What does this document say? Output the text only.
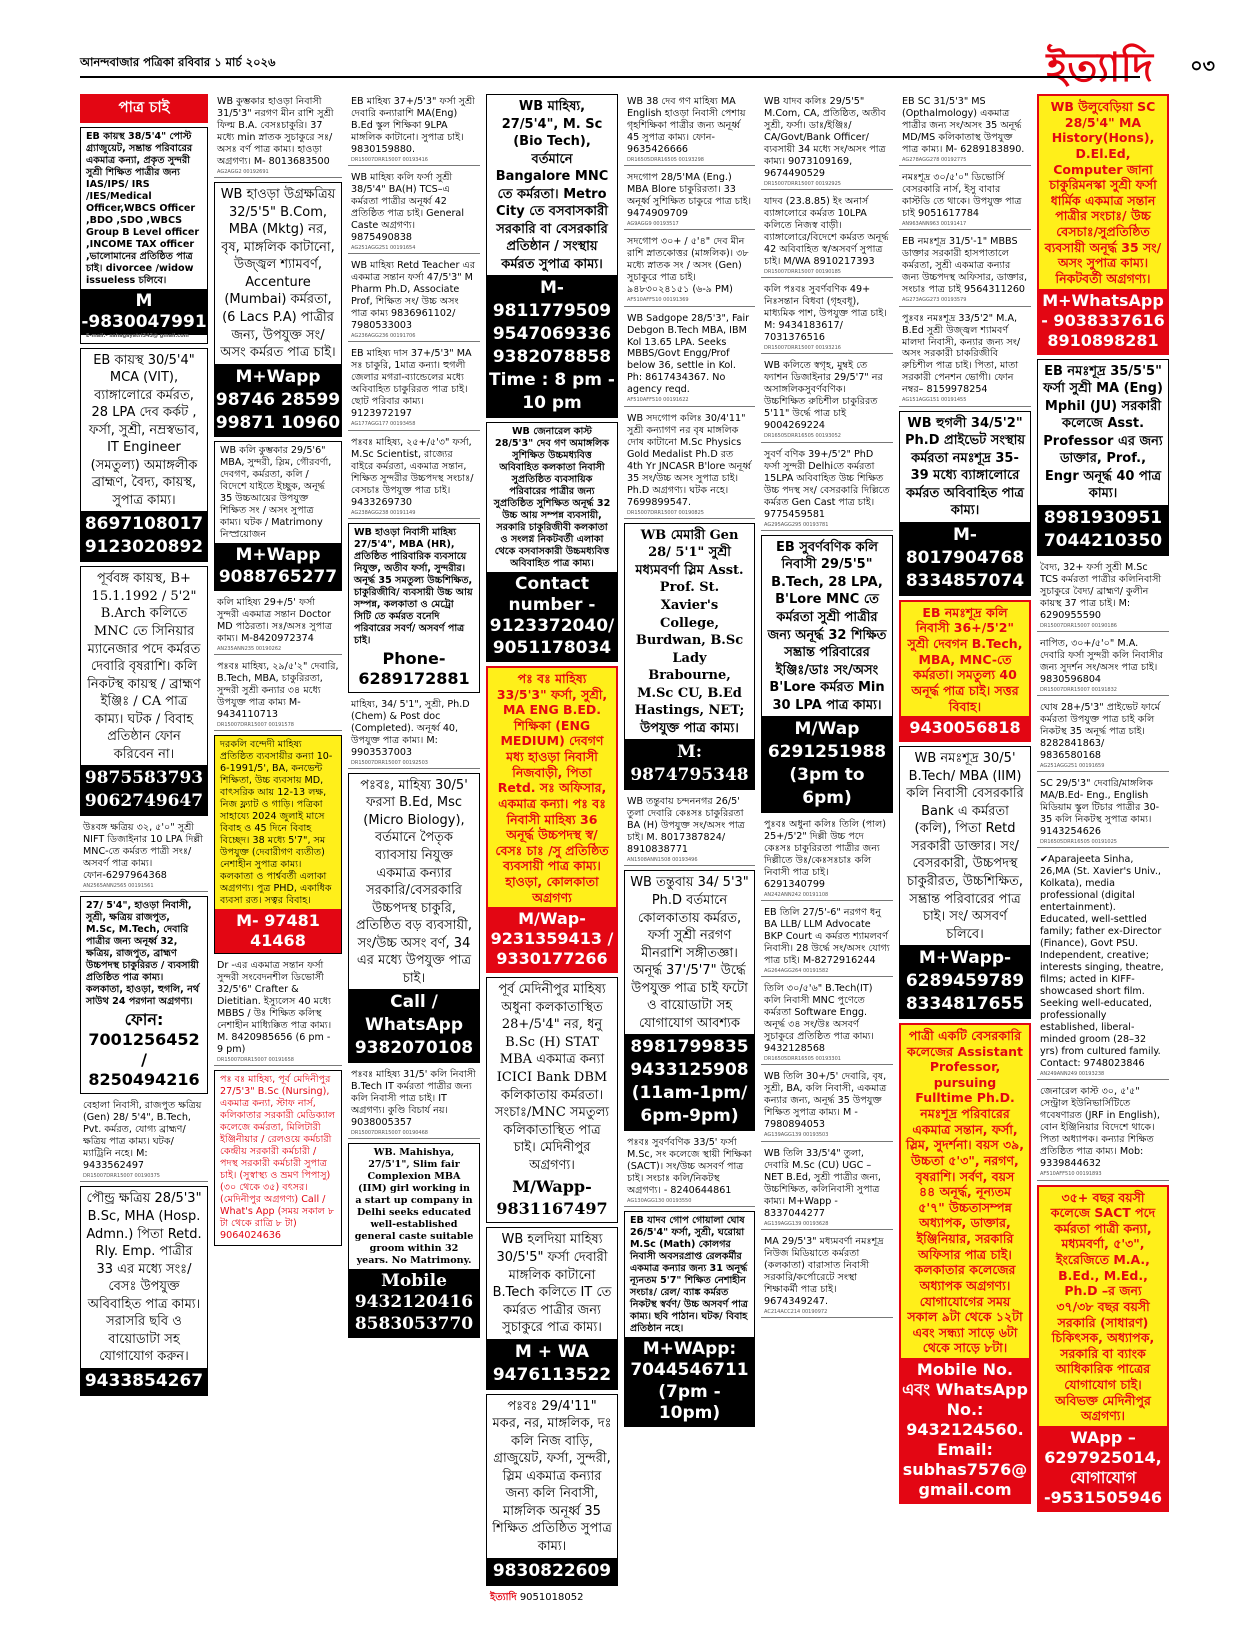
আনন্দবাজার পত্রিকা রবিবার ১ মার্চ ২০২৬	ইত্যাদি ০৩
পাত্র চাই
EB কায়স্থ 38/5'4" পোস্ট গ্র্যাজুয়েট, সম্ভ্রান্ত পরিবারের একমাত্র কন্যা, প্রকৃত সুন্দরী সুশ্রী শিক্ষিত পাত্রীর জন্য IAS/IPS/ IRS /IES/Medical Officer,WBCS Officer ,BDO ,SDO ,WBCS Group B Level officer ,INCOME TAX officer ,ভালোমানের প্রতিষ্ঠিত পাত্র চাই। divorcee /widow issueless চলিবে।
M -9830047991
E-mail:- sahagayatri343@ gmail.com
EB কায়স্থ 30/5'4" MCA (VIT), ব্যাঙ্গালোরে কর্মরত, 28 LPA দেব কর্কট , ফর্সা, সুশ্রী, নম্রস্বভাব, IT Engineer (সমতুল্য) অমাঙ্গলীক ব্রাহ্মণ, বৈদ্য, কায়স্থ, সুপাত্র কাম্য।
8697108017 9123020892
পূর্ববঙ্গ কায়স্থ, B+ 15.1.1992 / 5'2" B.Arch কলিতে MNC তে সিনিয়ার ম্যানেজার পদে কর্মরত দেবারি বৃষরাশি। কলি নিকটস্থ কায়স্থ / ব্রাহ্মণ ইঞ্জিঃ / CA পাত্র কাম্য। ঘটক / বিবাহ প্রতিষ্ঠান ফোন করিবেন না।
9875583793 9062749647
উঃবঙ্গ ক্ষত্রিয় ৩২, ৫'০" সুশ্রী NIFT ডিজাইনার 10 LPA দিল্লী MNC-তে কর্মরত পাত্রী সংঃ/অসবর্ণ পাত্র কাম্য। ফোন-6297964368
AN2565ANN2565 00191561
27/ 5'4", হাওড়া নিবাসী, সুশ্রী, ক্ষত্রিয় রাজপুত, M.Sc, M.Tech, দেবারি পাত্রীর জন্য অনূর্ধ্ব 32, ক্ষত্রিয়, রাজপুত, ব্রাহ্মণ উচ্চপদস্থ চাকুরিরত / ব্যবসায়ী প্রতিষ্ঠিত পাত্র কাম্য। কলকাতা, হাওড়া, হুগলি, নর্থ সাউথ 24 পরগনা অগ্রগণ্য।
ফোন: 7001256452 / 8250494216
বেহালা নিবাসী, রাজপুত ক্ষত্রিয় (Gen) 28/ 5'4", B.Tech, Pvt. কর্মরত, যোগ্য ব্রাহ্মণ/ক্ষত্রিয় পাত্র কাম্য। ঘটক/ ম্যাট্রিনি নহে। M: 9433562497
DR15007DRR15007 00190375
পৌন্ড্র ক্ষত্রিয় 28/5'3" B.Sc, MHA (Hosp. Admn.) পিতা Retd. Rly. Emp. পাত্রীর 33 এর মধ্যে সংঃ/বেসঃ উপযুক্ত অবিবাহিত পাত্র কাম্য। সরাসরি ছবি ও বায়োডাটা সহ যোগাযোগ করুন।
9433854267
WB কুম্ভকার হাওড়া নিবাসী 31/5'3" নরগণ মীন রাশি সুশ্রী ফিল্ম B.A. বেসঃচাকুরি। 37 মধ্যে min স্নাতক সুচাকুরে সঃ/অসঃ বর্ণ পাত্র কাম্য। হাওড়া অগ্রগণ্য। M- 8013683500
AG2AGG2 00192691
WB হাওড়া উগ্রক্ষত্রিয় 32/5'5" B.Com, MBA (Mktg) নর, বৃষ, মাঙ্গলিক কাটানো, উজ্জ্বল শ্যামবর্ণ, Accenture (Mumbai) কর্মরতা, (6 Lacs P.A) পাত্রীর জন্য, উপযুক্ত সং/ অসং কর্মরত পাত্র চাই।
M+Wapp 98746 28599 99871 10960
WB কলি কুম্ভকার 29/5'6" MBA, সুন্দরী, স্লিম, গৌরবর্ণা, দেবগণ, কর্মরতা, কলি / বিদেশে যাইতে ইচ্ছুক, অনূর্দ্ধ 35 উচ্চআয়ের উপযুক্ত শিক্ষিত সং / অসং সুপাত্র কাম্য। ঘটক / Matrimony নিস্প্রয়োজন
M+Wapp 9088765277
কলি মাহিষ্য 29+/5' ফর্সা সুন্দরী একমাত্র সন্তান Doctor MD পাঠরতা। সঃ/অসঃ সুপাত্র কাম্য। M-8420972374
AN235ANN235 00190262
পঃবঃ মাহিষ্য, ২৯/৫'২" দেবারি, B.Tech, MBA, চাকুরিরতা, সুন্দরী সুশ্রী কন্যার ৩৪ মধ্যে উপযুক্ত পাত্র কাম্য M- 9434110713
DR15007DRR15007 00191578
দরকলি বন্দেদী মাহিষ্য প্রতিষ্ঠিত ব্যবসায়ীর কন্যা 10-6-1991/5', BA, কনভেন্ট শিক্ষিতা, উচ্চ ব্যবসায় MD, বাৎসরিক আয় 12-13 লক্ষ, নিজ ফ্ল্যাট ও গাড়ি। পত্রিকা সাহায্যে 2024 জুলাই মাসে বিবাহ ও 45 দিনে বিবাহ বিচ্ছেদ। 38 মধ্যে 5'7", সম উপযুক্ত (দেবারীগণ ব্যতীত) নেশাহীন সুপাত্র কাম্য। কলকাতা ও পার্শ্ববর্তী এলাকা অগ্রগণ্য। পুত্র PHD, একাধিক ব্যবসা রত। সত্বর বিবাহ।
M- 97481 41468
Dr -এর একমাত্র সন্তান ফর্সা সুন্দরী সংবেদনশীল ডিভোর্সী 32/5'6" Crafter & Dietitian. ইস্যুলেস 40 মধ্যে MBBS / উঃ শিক্ষিত কলিস্থ নেশাহীন মাধ্যিক্কিত পাত্র কাম্য। M. 8420985656 (6 pm - 9 pm)
DR15007DRR15007 00191658
পঃ বঃ মাহিষ্য, পূর্ব মেদিনীপুর 27/5'3" B.Sc (Nursing), একমাত্র কন্যা, স্টাফ নার্স, কলিকাতার সরকারী মেডিক্যাল কলেজে কর্মরতা, মিলিটারী ইঞ্জিনীয়ার / রেলওয়ে কর্মচারী কেন্দ্রীয় সরকারী কর্মচারী / পদস্থ সরকারী কর্মচারী সুপাত্র চাই। (সুস্বাস্থ্য ও ভ্রমণ পিপাসু) (৩০ থেকে ৩৫) বৎসর। (মেদিনীপুর অগ্রগণ্য) Call / What's App (সময় সকাল ৮ টা থেকে রাত্রি ৮ টা) 9064024636
EB মাহিষ্য 37+/5'3" ফর্সা সুশ্রী দেবারি কন্যারাশি MA(Eng) B.Ed স্কুল শিক্ষিকা 9LPA মাঙ্গলিক কাটানো। সুপাত্র চাই। 9830159880.
DR15007DRR15007 00193416
WB মাহিষ্য কলি ফর্সা সুশ্রী 38/5'4" BA(H) TCS–এ কর্মরতা পাত্রীর অনূর্ধ্ব 42 প্রতিষ্ঠিত পাত্র চাই। General Caste অগ্রগণ্য। 9875490838
AG251AGG251 00191654
WB মাহিষ্য Retd Teacher এর একমাত্র সন্তান ফর্সা 47/5'3" M Pharm Ph.D, Associate Prof, শিক্ষিত সং/ উচ্চ অসং পাত্র কাম্য 9836961102/ 7980533003
AG236AGG236 00191706
EB মাহিষ্য দাস 37+/5'3" MA সঃ চাকুরি, 1মাত্র কন্যা। হুগলী জেলার মগরা-ব্যান্ডেলের মধ্যে অবিবাহিত চাকুরিরত পাত্র চাই। ছোট পরিবার কাম্য। 9123972197
AG177AGG177 00193458
পঃবঃ মাহিষ্য, ২৫+/৫'৩" ফর্সা, M.Sc Scientist, রাজ্যের বাইরে কর্মরতা, একমাত্র সন্তান, শিক্ষিত সুন্দরীর উচ্চপদস্থ সংচাঃ/বেসচাঃ উপযুক্ত পাত্র চাই। 9433269730
AG238AGG238 00191149
WB হাওড়া নিবাসী মাহিষ্য 27/5'4", MBA (HR), প্রতিষ্ঠিত পারিবারিক ব্যবসায়ে নিযুক্ত, অতীব ফর্সা, সুন্দরীর। অনূর্দ্ধ 35 সমতুল্য উচ্চশিক্ষিত, চাকুরিজীবি/ ব্যবসায়ী উচ্চ আয় সম্পন্ন, কলকাতা ও মেট্রো সিটি তে কর্মরত বনেদি পরিবারের সবর্ণ/ অসবর্ণ পাত্র চাই।
Phone- 6289172881
মাহিষ্য, 34/ 5'1", সুশ্রী, Ph.D (Chem) & Post doc (Completed). অনূর্ধ্ব 40, উপযুক্ত পাত্র কাম্য। M: 9903537003
DR15007DRR15007 00192503
পঃবঃ, মাহিষ্য 30/5' ফরসা B.Ed, Msc (Micro Biology), বর্তমানে পৈতৃক ব্যাবসায় নিযুক্ত একমাত্র কন্যার সরকারি/বেসরকারি উচ্চপদস্থ চাকুরি, প্রতিষ্ঠিত বড় ব্যবসায়ী, সং/উচ্চ অসং বর্ণ, 34 এর মধ্যে উপযুক্ত পাত্র চাই।
Call / WhatsApp 9382070108
পঃবঃ মাহিষ্য 31/5' কলি নিবাসী B.Tech IT কর্মরতা পাত্রীর জন্য কলি নিবাসী পাত্র চাই। IT অগ্রগণ্য। কুণ্ডি বিচার্য নয়। 9038005357
DR15007DRR15007 00190468
WB. Mahishya, 27/5'1", Slim fair Complexion MBA (IIM) girl working in a start up company in Delhi seeks educated well-established general caste suitable groom within 32 years. No Matrimony.
Mobile 9432120416 8583053770
WB মাহিষ্য, 27/5'4", M. Sc (Bio Tech), বর্তমানে Bangalore MNC তে কর্মরতা। Metro City তে বসবাসকারী সরকারি বা বেসরকারি প্রতিষ্ঠান / সংস্থায় কর্মরত সুপাত্র কাম্য।
M- 9811779509 9547069336 9382078858 Time : 8 pm - 10 pm
WB জেনারেল কাস্ট 28/5'3" দেব গণ অমাঙ্গলিক সুশিক্ষিত উচ্চমধ্যবিত্ত অবিবাহিত কলকাতা নিবাসী সুপ্রতিষ্ঠিত ব্যবসায়িক পরিবারের পাত্রীর জন্য সুপ্রতিষ্ঠিত সুশিক্ষিত অনূর্দ্ধ 32 উচ্চ আয় সম্পন্ন ব্যবসায়ী, সরকারি চাকুরিজীবী কলকাতা ও সংলগ্ন নিকটবর্তী এলাকা থেকে বসবাসকারী উচ্চমধ্যবিত্ত অবিবাহিত পাত্র কাম্য।
Contact number - 9123372040/ 9051178034
পঃ বঃ মাহিষ্য 33/5'3" ফর্সা, সুশ্রী, MA ENG B.ED. শিক্ষিকা (ENG MEDIUM) দেবগণ মধ্য হাওড়া নিবাসী নিজবাড়ী, পিতা Retd. সঃ অফিসার, একমাত্র কন্যা। পঃ বঃ নিবাসী মাহিষ্য 36 অনূর্দ্ধ উচ্চপদস্থ স্ব/বেসঃ চাঃ /সু প্রতিষ্ঠিত ব্যবসায়ী পাত্র কাম্য। হাওড়া, কোলকাতা অগ্রগণ্য
M/Wap- 9231359413 / 9330177266
পূর্ব মেদিনীপুর মাহিষ্য অধুনা কলকাতাস্থিত 28+/5'4" নর, ধনু B.Sc (H) STAT MBA একমাত্র কন্যা ICICI Bank DBM কলিকাতায় কর্মরতা। সংচাঃ/MNC সমতুল্য কলিকাতাস্থিত পাত্র চাই। মেদিনীপুর অগ্রগণ্য।
M/Wapp- 9831167497
WB হলদিয়া মাহিষ্য 30/5'5" ফর্সা দেবারী মাঙ্গলিক কাটানো B.Tech কলিতে IT তে কর্মরত পাত্রীর জন্য সুচাকুরে পাত্র কাম্য।
M + WA 9476113522
পঃবঃ 29/4'11" মকর, নর, মাঙ্গলিক, দঃ কলি নিজ বাড়ি, গ্রাজুয়েট, ফর্সা, সুন্দরী, স্লিম একমাত্র কন্যার জন্য কলি নিবাসী, মাঙ্গলিক অনূর্ধ্ব 35 শিক্ষিত প্রতিষ্ঠিত সুপাত্র কাম্য।
9830822609
WB 38 দেব গণ মাহিষ্য MA English হাওড়া নিবাসী পেশায় গৃহশিক্ষিকা পাত্রীর জন্য অনূর্ধ্ব 45 সুপাত্র কাম্য। ফোন- 9635426666
DR16505DRR16505 00193298
সদগোপ 28/5'MA (Eng.) MBA Blore চাকুরিরতা। 33 অনূর্ধ্ব সুশিক্ষিত চাকুরে পাত্র চাই। 9474909709
AG9AGG9 00193517
সদগোপ ৩০+ / ৫'৪" দেব মীন রাশি স্নাতকোত্তর (মাঙ্গলিক)। ৩৮ মধ্যে স্নাতক সং / অসং (Gen) সুচাকুরে পাত্র চাই। ৯৪৮৩০২৪১৫১ (৬-৯ PM)
AF510AFF510 00191369
WB Sadgope 28/5'3", Fair Debgon B.Tech MBA, IBM Kol 13.65 LPA. Seeks MBBS/Govt Engg/Prof below 36, settle in Kol. Ph: 8617434367. No agency reqd.
AF510AFF510 00191622
WB সদগোপ কলিঃ 30/4'11" সুশ্রী কন্যাগণ নর বৃষ মাঙ্গলিক দোষ কাটানো M.Sc Physics Gold Medalist Ph.D রত 4th Yr JNCASR B'lore অনূর্ধ্ব 35 সং/উচ্চ অসং সুপাত্র চাই। Ph.D অগ্রগণ্য। ঘটক নহে। 7699899547.
DR15007DRR15007 00190825
WB মেমারী Gen 28/ 5'1" সুশ্রী মধ্যমবর্ণা স্লিম Asst. Prof. St. Xavier's College, Burdwan, B.Sc Lady Brabourne, M.Sc CU, B.Ed Hastings, NET; উপযুক্ত পাত্র কাম্য।
M: 9874795348
WB তন্তুবায় চন্দননগর 26/5' তুলা দেবারি কেঃসঃ চাকুরিরতা BA (H) উপযুক্ত সং/অসং পাত্র চাই। M. 8017387824/ 8910838771
AN1508ANN1508 00193496
WB তন্তুবায় 34/ 5'3" Ph.D বর্তমানে কোলকাতায় কর্মরত, ফর্সা সুশ্রী নরগণ মীনরাশি সঙ্গীতজ্ঞা। অনূর্দ্ধ 37'/5'7" উর্দ্ধে উপযুক্ত পাত্র চাই ফটো ও বায়োডাটা সহ যোগাযোগ আবশ্যক
8981799835 9433125908 (11am-1pm/ 6pm-9pm)
পঃবঃ সুবর্ণবণিক 33/5' ফর্সা M.Sc, সং কলেজে স্থায়ী শিক্ষিকা (SACT)। সং/উচ্চ অসবর্ণ পাত্র চাই। সংচাঃ কলি/নিকটস্থ অগ্রগণ্য। - 8240644861
AG130AGG130 00193550
EB যাদব গোপ গোয়ালা ঘোষ 26/5'4" ফর্সা, সুশ্রী, ঘরোয়া M.Sc (Math) কোলগর নিবাসী অবসরপ্রাপ্ত রেলকর্মীর একমাত্র কন্যার জন্য 31 অনূর্দ্ধ ন্যূনতম 5'7" শিক্ষিত নেশাহীন সংচাঃ/ রেল/ ব্যাঙ্ক কর্মরত নিকটস্থ স্বর্বণ/ উচ্চ অসবর্ণ পাত্র কাম্য। ছবি পাঠান। ঘটক/ বিবাহ প্রতিষ্ঠান নহে।
M+WApp: 7044546711 (7pm - 10pm)
WB যাদব কলিঃ 29/5'5" M.Com, CA, প্রতিষ্ঠিত, অতীব সুশ্রী, ফর্সা। ডাঃ/ইঞ্জিঃ/ CA/Govt/Bank Officer/ব্যবসায়ী 34 মধ্যে সং/অসং পাত্র কাম্য। 9073109169, 9674490529
DR15007DRR15007 00192925
যাদব (23.8.85) ইং অনার্স ব্যাঙ্গালোরে কর্মরত 10LPA কলিতে নিজস্ব বাড়ী। ব্যাঙ্গালোরে/বিদেশে কর্মরত অনূর্দ্ধ 42 অবিবাহিত স্ব/অসবর্ণ সুপাত্র চাই। M/WA 8910217393
DR15007DRR15007 00190185
কলি পঃবঃ সুবর্ণবণিক 49+ নিঃসন্তান বিধবা (গৃহবধূ), মাধ্যমিক পাশ, উপযুক্ত পাত্র চাই। M: 9434183617/ 7031376516
DR15007DRR15007 00193216
WB কলিতে স্বগৃহ, মুম্বই তে ফ্যাশন ডিজাইনার 29/5'7" নর অসাঙ্গলিকসুবর্ণবণিক। উচ্চশিক্ষিত রুচিশীল চাকুরিরত 5'11" উর্দ্ধে পাত্র চাই 9004269224
DR16505DRR16505 00193052
সুবর্ণ বণিক 39+/5'2" PhD ফর্সা সুন্দরী Delhiতে কর্মরতা 15LPA অবিবাহিত উচ্চ শিক্ষিত উচ্চ পদস্থ সং/ বেসরকারি দিল্লিতে কর্মরত Gen Cast পাত্র চাই। 9775459581
AG295AGG295 00193781
EB সুবর্ণবণিক কলি নিবাসী 29/5'5" B.Tech, 28 LPA, B'Lore MNC তে কর্মরতা সুশ্রী পাত্রীর জন্য অনূর্দ্ধ 32 শিক্ষিত সম্ভ্রান্ত পরিবারের ইঞ্জিঃ/ডাঃ সং/অসং B'Lore কর্মরত Min 30 LPA পাত্র কাম্য।
M/Wap 6291251988 (3pm to 6pm)
পুঃবঃ অধুনা কলিঃ তিলি (পাল) 25+/5'2" দিল্লী উচ্চ পদে কেঃসঃ চাকুরিরতা পাত্রীর জন্য দিল্লীতে উঃ/কেঃসঃচাঃ কলি নিবাসী পাত্র চাই। 6291340799
AN242ANN242 00191108
EB তিলি 27/5'-6" নরগণ ধনু BA LLB/ LLM Advocate BKP Court এ কর্মরত শ্যামলবর্ণ নিবাসী। 28 উর্দ্ধে সং/অসং যোগ্য পাত্র চাই। M-8272916244
AG264AGG264 00191582
তিলি ৩০/৫'৬" B.Tech(IT) কলি নিবাসী MNC পুণেতে কর্মরতা Software Engg. অনূর্দ্ধ ৩৪ সং/উঃ অসবর্ণ সুচাকুরে প্রতিষ্ঠিত পাত্র কাম্য। 9432128568
DR16505DRR16505 00193301
WB তিলি 30+/5' দেবারি, বৃষ, সুশ্রী, BA, কলি নিবাসী, একমাত্র কন্যার জন্য, অনূর্দ্ধ 35 উপযুক্ত শিক্ষিত সুপাত্র কাম্য। M - 7980894053
AG139AGG139 00193503
WB তিলি 33/5'4" তুলা, দেবারি M.Sc (CU) UGC – NET B.Ed, সুশ্রী পাত্রীর জন্য, উচ্চশিক্ষিত, কলিনিবাসী সুপাত্র কাম্য। M+Wapp - 8337044277
AG139AGG139 00193628
MA 29/5'3" মধ্যমবর্ণা নমঃশূদ্র নিউজ মিডিয়াতে কর্মরতা (কলকাতা) বারাসাত নিবাসী সরকারি/কর্পোরেটে সংস্থা শিক্ষাকর্মী পাত্র চাই। 9674349247.
AC214ACC214 00190972
EB SC 31/5'3" MS (Opthalmology) একমাত্র পাত্রীর জন্য সং/অসং 35 অনূর্দ্ধ MD/MS কলিকাতাস্থ উপযুক্ত পাত্র কাম্য। M- 6289183890.
AG278AGG278 00192775
নমঃশূদ্র ৩০/৫'০" ডিভোর্সি বেসরকারি নার্স, ইসু বাবার কাস্টডি তে থাকে। উপযুক্ত পাত্র চাই 9051617784
AN963ANN963 00191417
EB নমঃশূদ্র 31/5'-1" MBBS ডাক্তার সরকারী হাসপাতালে কর্মরতা, সুশ্রী একমাত্র কন্যার জন্য উচ্চপদস্থ অফিসার, ডাক্তার, সংচাঃ পাত্র চাই 9564311260
AG273AGG273 00193579
পুঃবঃ নমঃশূদ্র 33/5'2" M.A, B.Ed সুশ্রী উজ্জ্বল শ্যামবর্ণ মালদা নিবাসী, কন্যার জন্য সং/অসং সরকারী চাকরিজীবি রুচিশীল পাত্র চাই। পিতা, মাতা সরকারী পেনশন ভোগী। ফোন নম্বর– 8159978254
AG151AGG151 00191455
WB হুগলী 34/5'2" Ph.D প্রাইভেট সংস্থায় কর্মরতা নমঃশূদ্র 35-39 মধ্যে ব্যাঙ্গালোরে কর্মরত অবিবাহিত পাত্র কাম্য।
M-8017904768 8334857074
EB নমঃশূদ্র কলি নিবাসী 36+/5'2" সুশ্রী দেবগন B.Tech, MBA, MNC-তে কর্মরতা। সমতুল্য 40 অনূর্দ্ধ পাত্র চাই। সত্তর বিবাহ।
9430056818
WB নমঃশূদ্র 30/5' B.Tech/ MBA (IIM) কলি নিবাসী বেসরকারি Bank এ কর্মরতা (কলি), পিতা Retd সরকারী ডাক্তার। সং/ বেসরকারী, উচ্চপদস্থ চাকুরীরত, উচ্চশিক্ষিত, সম্ভ্রান্ত পরিবারের পাত্র চাই। সং/ অসবর্ণ চলিবে।
M+Wapp- 6289459789 8334817655
পাত্রী একটি বেসরকারি কলেজের Assistant Professor, pursuing Fulltime Ph.D. নমঃশূদ্র পরিবারের একমাত্র সন্তান, ফর্সা, স্লিম, সুদর্শনা। বয়স ৩৯, উচ্চতা ৫'৩", নরগণ, বৃষরাশি। সর্বণ, বয়স ৪৪ অনূর্দ্ধ, নূন্যতম ৫'৭" উচ্চতাসম্পন্ন অধ্যাপক, ডাক্তার, ইঞ্জিনিয়ার, সরকারি অফিসার পাত্র চাই। কলকাতার কলেজের অধ্যাপক অগ্রগণ্য। যোগাযোগের সময় সকাল ৯টা থেকে ১২টা এবং সন্ধ্যা সাড়ে ৬টা থেকে সাড়ে ৮টা।
Mobile No. এবং WhatsApp No.: 9432124560. Email: subhas7576@ gmail.com
WB উলুবেড়িয়া SC 28/5'4" MA History(Hons), D.El.Ed, Computer জানা চাকুরিমনস্কা সুশ্রী ফর্সা ধার্মিক একমাত্র সন্তান পাত্রীর সংচাঃ/ উচ্চ বেসচাঃ/সুপ্রতিষ্ঠিত ব্যবসায়ী অনূর্দ্ধ 35 সং/অসং সুপাত্র কাম্য। নিকটবর্তী অগ্রগণ্য।
M+WhatsApp- 9038337616 8910898281
EB নমঃশূদ্র 35/5'5" ফর্সা সুশ্রী MA (Eng) Mphil (JU) সরকারী কলেজে Asst. Professor এর জন্য ডাক্তার, Prof., Engr অনূর্দ্ধ 40 পাত্র কাম্য।
8981930951 7044210350
বৈদ্য, 32+ ফর্সা সুশ্রী M.Sc TCS কর্মরতা পাত্রীর কলিনিবাসী সুচাকুরে বৈদ্য/ ব্রাহ্মণ/ কুলীন কায়স্থ 37 পাত্র চাই। M: 6290955590
DR15007DRR15007 00190186
নাপিত, ৩০+/৫'০" M.A. দেবারি ফর্সা সুন্দরী কলি নিবাসীর জন্য সুদর্শন সং/অসং পাত্র চাই। 9830596804
DR15007DRR15007 00191832
ঘোষ 28+/5'3" প্রাইভেট ফার্মে কর্মরতা উপযুক্ত পাত্র চাই কলি নিকটস্থ 35 অনূর্দ্ধ পাত্র চাই। 8282841863/ 9836580168
AG251AGG251 00191659
SC 29/5'3" দেবারি/মাঙ্গলিক MA/B.Ed- Eng., English মিডিয়াম স্কুল টিচার পাত্রীর 30-35 কলি নিকটস্থ সুপাত্র কাম্য। 9143254626
DR16505DRR16505 00191025
✔Aparajeeta Sinha, 26,MA (St. Xavier's Univ., Kolkata), media professional (digital entertainment). Educated, well-settled family; father ex-Director (Finance), Govt PSU. Independent, creative; interests singing, theatre, films; acted in KIFF-showcased short film. Seeking well-educated, professionally established, liberal-minded groom (28–32 yrs) from cultured family. Contact: 9748023846
AN249ANN249 00193238
জেনারেল কাস্ট ৩০, ৫'৫" সেন্ট্রাল ইউনিভার্সিটিতে গবেষণারত (JRF in English), বোন ইঞ্জিনিয়ার বিদেশে থাকে। পিতা অধ্যাপক। কন্যার শিক্ষিত প্রতিষ্ঠিত পাত্র কাম্য। Mob: 9339844632
AF510AFF510 00191893
৩৫+ বছর বয়সী কলেজে SACT পদে কর্মরতা পাত্রী কন্যা, মধ্যমবর্ণা, ৫'৩", ইংরেজিতে M.A., B.Ed., M.Ed., Ph.D –র জন্য ৩৭/৩৮ বছর বয়সী সরকারি (সাধারণ) চিকিৎসক, অধ্যাপক, সরকারি বা ব্যাংক আধিকারিক পাত্রের যোগাযোগ চাই। অবিভক্ত মেদিনীপুর অগ্রগণ্য।
WApp – 6297925014, যোগাযোগ -9531505946
ইত্যাদি 9051018052
